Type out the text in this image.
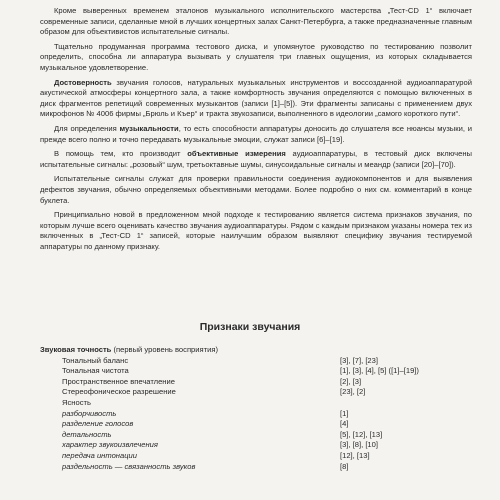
Кроме выверенных временем эталонов музыкального исполнительского мастерства „Тест-CD 1“ включает современные записи, сделанные мной в лучших концертных залах Санкт-Петербурга, а также предназначенные главным образом для объективистов испытательные сигналы.

Тщательно продуманная программа тестового диска, и упомянутое руководство по тестированию позволит определить, способна ли аппаратура вызывать у слушателя три главных ощущения, из которых складывается музыкальное удовлетворение.

Достоверность звучания голосов, натуральных музыкальных инструментов и воссозданной аудиоаппаратурой акустической атмосферы концертного зала, а также комфортность звучания определяются с помощью включенных в диск фрагментов репетиций современных музыкантов (записи [1]–[5]). Эти фрагменты записаны с применением двух микрофонов № 4006 фирмы „Брюль и Къер“ и тракта звукозаписи, выполненного в идеологии „самого короткого пути“.

Для определения музыкальности, то есть способности аппаратуры доносить до слушателя все нюансы музыки, и прежде всего полно и точно передавать музыкальные эмоции, служат записи [6]–[19].

В помощь тем, кто производит объективные измерения аудиоаппаратуры, в тестовый диск включены испытательные сигналы: „розовый“ шум, третьоктавные шумы, синусоидальные сигналы и меандр (записи [20]–[70]).

Испытательные сигналы служат для проверки правильности соединения аудиокомпонентов и для выявления дефектов звучания, обычно определяемых объективными методами. Более подробно о них см. комментарий в конце буклета.

Принципиально новой в предложенном мной подходе к тестированию является система признаков звучания, по которым лучше всего оценивать качество звучания аудиоаппаратуры. Рядом с каждым признаком указаны номера тех из включенных в „Тест-CD 1“ записей, которые наилучшим образом выявляют специфику звучания тестируемой аппаратуры по данному признаку.

Признаки звучания
Звуковая точность (первый уровень восприятия)
Тональный баланс	[3], [7], [23]
Тональная чистота	[1], [3], [4], [5] ([1]–[19])
Пространственное впечатление	[2], [3]
Стереофоническое разрешение	[23], [2]
Ясность
разборчивость	[1]
разделение голосов	[4]
детальность	[5], [12], [13]
характер звукоизвлечения	[3], [8], [10]
передача интонации	[12], [13]
раздельность — связанность звуков	[8]
